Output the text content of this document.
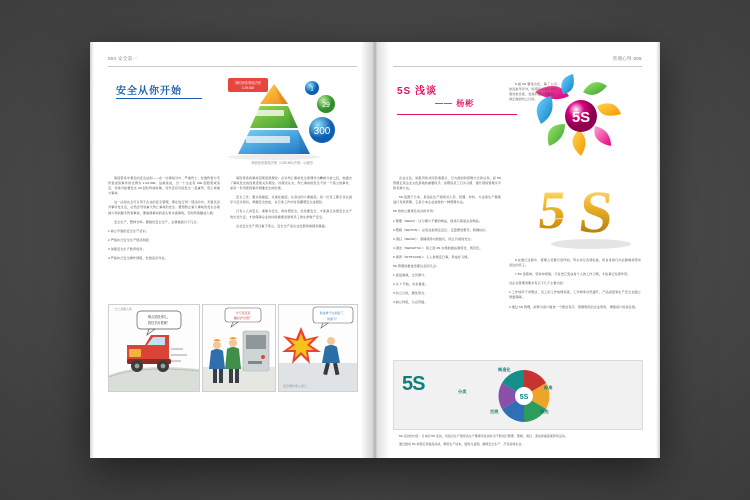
004 安全第一
安全从你开始	1
29
300
海因里希事故法则
1:29:300
海因里希事故法则（1:29:300 法则）示意图

海因里希中著名的安全法则——在一次事故当中，严重伤亡、轻微伤害与无伤害虚惊事件的比例为 1:29:300。这就是说，当一个企业有 300 起隐患或违章，非常可能要发生 29 起轻伤或故障，另外还有可能发生一起重伤、死亡或重大事故。

这一法则完全可以用于企业的安全管理，即在进行同一项活动中，无数次意外事件发生后，必然会导致重大伤亡事故的发生。要想防止重大事故的发生必须减少和消除无伤害事故，要重视事故的苗头和未遂事故，否则终将酿成大祸。

安全生产，警钟长鸣。要做好安全生产，必须做到以下几点：

1.树立牢固的安全生产意识；

2.严格执行安全生产规章制度；

3.加强安全生产教育培训；

4.严格执行安全操作规程，杜绝违章作业。

海因里希的事故因果连锁理论：在对伤亡事故发生原理作出精辟分析之后，他提出了事故发生的因果连锁关系理论。该理论认为，伤亡事故的发生不是一个孤立的事件，而是一系列原因事件相继发生的结果。

安全工作，要从我做起，从现在做起，从身边的小事做起。每一位员工都应该认真学习安全知识，掌握安全技能，在日常工作中时刻绷紧安全这根弦。

只有人人讲安全，事事为安全，时时想安全，处处要安全，才能真正实现安全生产的长治久安，才能保障企业的持续健康发展和员工的生命财产安全。

企业安全生产责任重于泰山，安全生产是企业发展的前提和基础。

一念之差酿大祸
喝点酒没事儿，
我技术好着呢！
今天有没有
戴好护目镜？
你这样干太危险了，
快停下！
违章操作害人害己
管理心得 005
5S 浅谈
—— 杨彬
5S
5 S

企业文化，是组织的共同价值观念、行为准则和思维方式的总和，而 5S 管理正是企业文化落地的重要抓手，是塑造员工行为习惯、提升现场管理水平的有效方法。

5S 起源于日本，是指在生产现场对人员、机器、材料、方法等生产要素进行有效管理，它是日本企业独特的一种管理办法。

5S 的核心要素及各自的作用：

1.整理（SEIRI）：区分要与不要的物品，现场只保留必需物品。

2.整顿（SEITON）：必需品依规定定位、定量摆放整齐，明确标识。

3.清扫（SEISO）：清除现场内的脏污，防止污染的发生。

4.清洁（SEIKETSU）：将上面 3S 实施的做法制度化、规范化。

5.素养（SHITSUKE）：人人依规定行事，养成好习惯。

5S 管理的推进需要注意的几点：

1.高层重视，全员参与；

2.从 7 开始，步步推进；

3.持之以恒，避免形式；

4.树立样板，以点带面。

5.做 5S 要常态化，除了公司的巡检考评外，班组每天也应该开展自检自查，发现问题立刻整改，真正做到持之以恒。

6.在推行过程中，管理人员要以身作则，带头执行各项标准，用自身的行动去影响和带动身边的员工。

7.5S 虽简单，坚持却很难，只有把它变成每个人的工作习惯，才能真正发挥作用。

对企业管理者要求有以下几个主要内容：

1.工作场所干净整洁，员工的工作热情高涨，工作效率自然提升，产品质量和生产安全也随之得到保障。

2.通过 5S 管理，能够为客户提供一个整洁有序、管理规范的企业形象，增强客户的信任感。

5S
5S
制造化
标准
刷洗
定规
分类

5S 活动的内容：日本的 5S 活动，是指对生产现场各生产要素所处的状态不断进行整理、整顿、清扫、清洁和提高素养的活动。

通过推动 5S 来稳定和提高品质，降低生产成本，缩短交货期，确保安全生产，打造高效企业。
